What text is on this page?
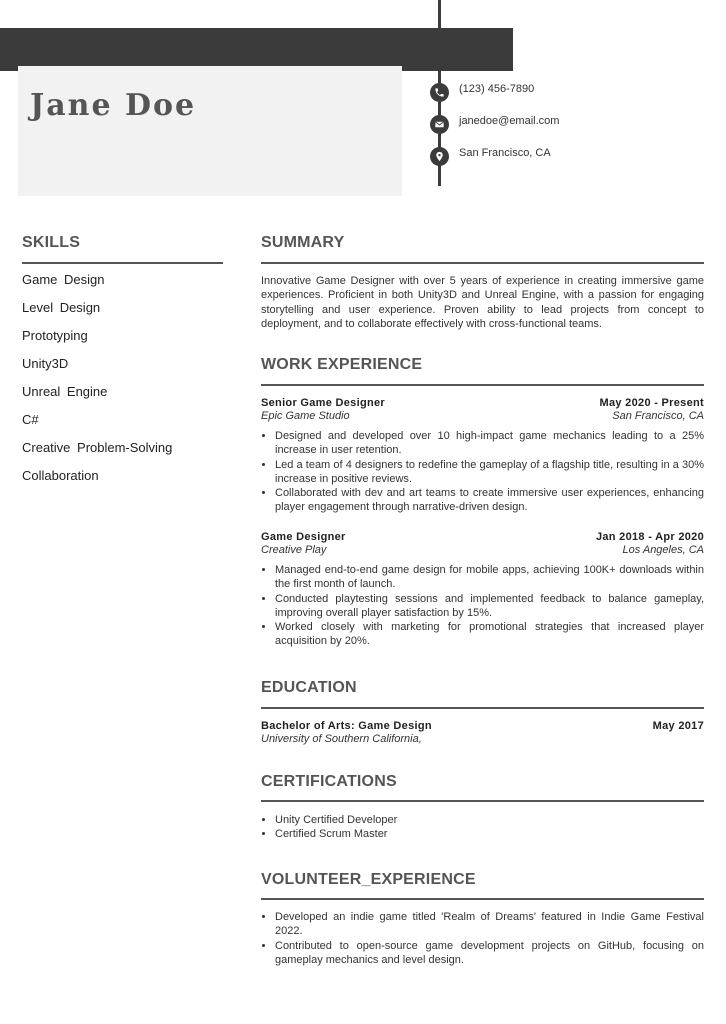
Jane Doe	(123) 456-7890
janedoe@email.com
San Francisco, CA
SKILLS
Game Design
Level Design
Prototyping
Unity3D
Unreal Engine
C#
Creative Problem-Solving
Collaboration
SUMMARY

Innovative Game Designer with over 5 years of experience in creating immersive game experiences. Proficient in both Unity3D and Unreal Engine, with a passion for engaging storytelling and user experience. Proven ability to lead projects from concept to deployment, and to collaborate effectively with cross-functional teams.

WORK EXPERIENCE
Senior Game Designer	May 2020 - Present
Epic Game Studio	San Francisco, CA
• Designed and developed over 10 high-impact game mechanics leading to a 25% increase in user retention.
• Led a team of 4 designers to redefine the gameplay of a flagship title, resulting in a 30% increase in positive reviews.
• Collaborated with dev and art teams to create immersive user experiences, enhancing player engagement through narrative-driven design.
Game Designer	Jan 2018 - Apr 2020
Creative Play	Los Angeles, CA
• Managed end-to-end game design for mobile apps, achieving 100K+ downloads within the first month of launch.
• Conducted playtesting sessions and implemented feedback to balance gameplay, improving overall player satisfaction by 15%.
• Worked closely with marketing for promotional strategies that increased player acquisition by 20%.
EDUCATION
Bachelor of Arts: Game Design	May 2017
University of Southern California,
CERTIFICATIONS
• Unity Certified Developer
• Certified Scrum Master
VOLUNTEER_EXPERIENCE
• Developed an indie game titled 'Realm of Dreams' featured in Indie Game Festival 2022.
• Contributed to open-source game development projects on GitHub, focusing on gameplay mechanics and level design.
